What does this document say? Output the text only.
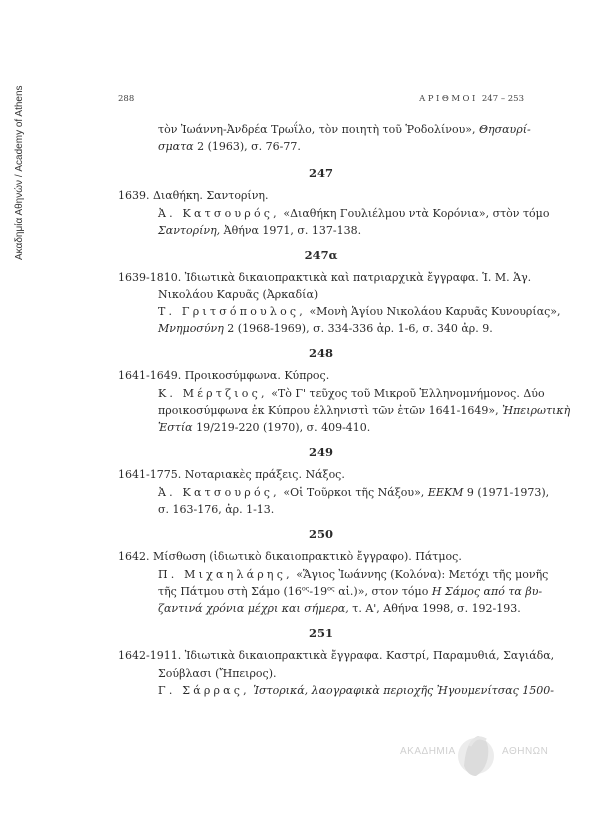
Ακαδημία Αθηνών / Academy of Athens	288	ΑΡΙΘΜΟΙ 247 – 253
τὸν Ἰωάννη-Ἀνδρέα Τρωΐλο, τὸν ποιητὴ τοῦ Ῥοδολίνου», Θησαυρί-
σματα 2 (1963), σ. 76-77.
247
1639. Διαθήκη. Σαντορίνη.
Ἀ. Κατσουρός, «Διαθήκη Γουλιέλμου ντὰ Κορόνια», στὸν τόμο
Σαντορίνη, Ἀθήνα 1971, σ. 137-138.
247α
1639-1810. Ἰδιωτικὰ δικαιοπρακτικὰ καὶ πατριαρχικὰ ἔγγραφα. Ἱ. Μ. Ἁγ.
Νικολάου Καρυᾶς (Ἀρκαδία)
Τ. Γριτσόπουλος, «Μονὴ Ἁγίου Νικολάου Καρυᾶς Κυνουρίας»,
Μνημοσύνη 2 (1968-1969), σ. 334-336 ἀρ. 1-6, σ. 340 ἀρ. 9.
248
1641-1649. Προικοσύμφωνα. Κύπρος.
Κ. Μέρτζιος, «Τὸ Γ' τεῦχος τοῦ Μικροῦ Ἑλληνομνήμονος. Δύο
προικοσύμφωνα ἐκ Κύπρου ἑλληνιστὶ τῶν ἐτῶν 1641-1649», Ἠπειρωτικὴ
Ἑστία 19/219-220 (1970), σ. 409-410.
249
1641-1775. Νοταριακὲς πράξεις. Νάξος.
Ἀ. Κατσουρός, «Οἱ Τοῦρκοι τῆς Νάξου», ΕΕΚΜ 9 (1971-1973),
σ. 163-176, ἀρ. 1-13.
250
1642. Μίσθωση (ἰδιωτικὸ δικαιοπρακτικὸ ἔγγραφο). Πάτμος.
Π. Μιχαηλάρης, «Ἅγιος Ἰωάννης (Κολόνα): Μετόχι τῆς μονῆς
τῆς Πάτμου στὴ Σάμο ($16^{o\varsigma}-19^{o\varsigma}$ αἰ.)», στον τόμο Η Σάμος από τα βυ-
ζαντινά χρόνια μέχρι και σήμερα, τ. Α', Αθήνα 1998, σ. 192-193.
251
1642-1911. Ἰδιωτικὰ δικαιοπρακτικὰ ἔγγραφα. Καστρί, Παραμυθιά, Σαγιάδα,
Σούβλασι (Ἤπειρος).
Γ. Σάρρας, Ἱστορικά, λαογραφικὰ περιοχῆς Ἠγουμενίτσας 1500-
ΑΚΑΔΗΜΙΑ	ΑΘΗΝΩΝ
